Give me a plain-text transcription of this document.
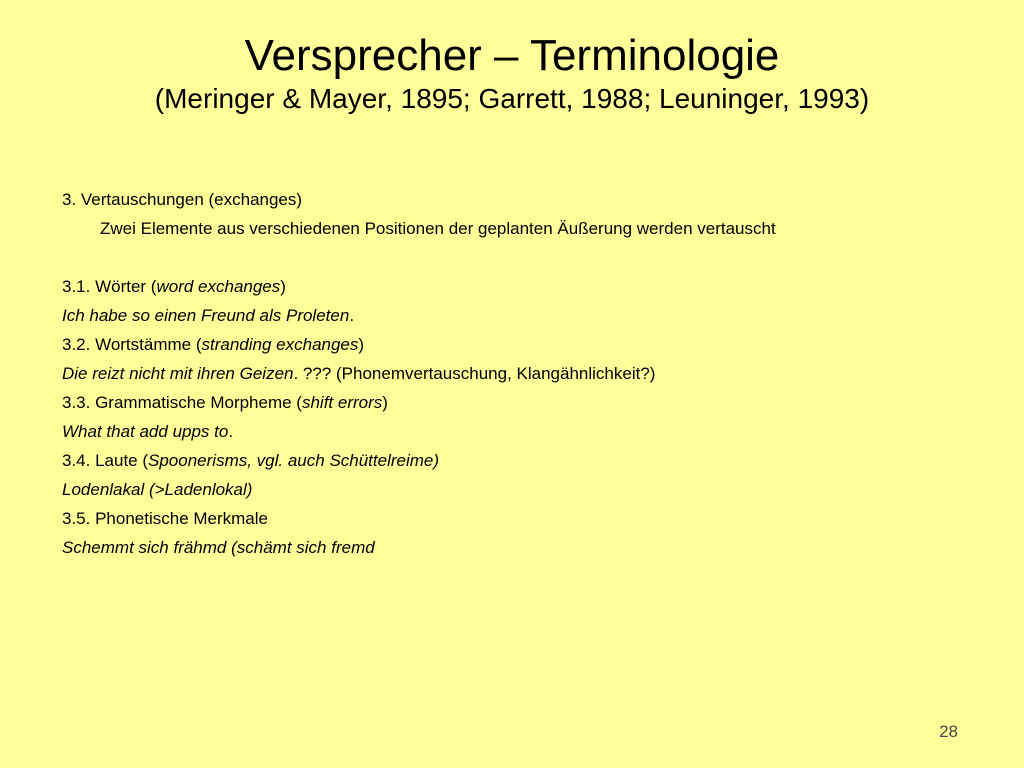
Versprecher – Terminologie
(Meringer & Mayer, 1895; Garrett, 1988; Leuninger, 1993)
3. Vertauschungen (exchanges)
Zwei Elemente aus verschiedenen Positionen der geplanten Äußerung werden vertauscht
3.1. Wörter (word exchanges)
Ich habe so einen Freund als Proleten.
3.2. Wortstämme (stranding exchanges)
Die reizt nicht mit ihren Geizen. ??? (Phonemvertauschung, Klangähnlichkeit?)
3.3. Grammatische Morpheme (shift errors)
What that add upps to.
3.4. Laute (Spoonerisms, vgl. auch Schüttelreime)
Lodenlakal (>Ladenlokal)
3.5. Phonetische Merkmale
Schemmt sich frähmd (schämt sich fremd
28
